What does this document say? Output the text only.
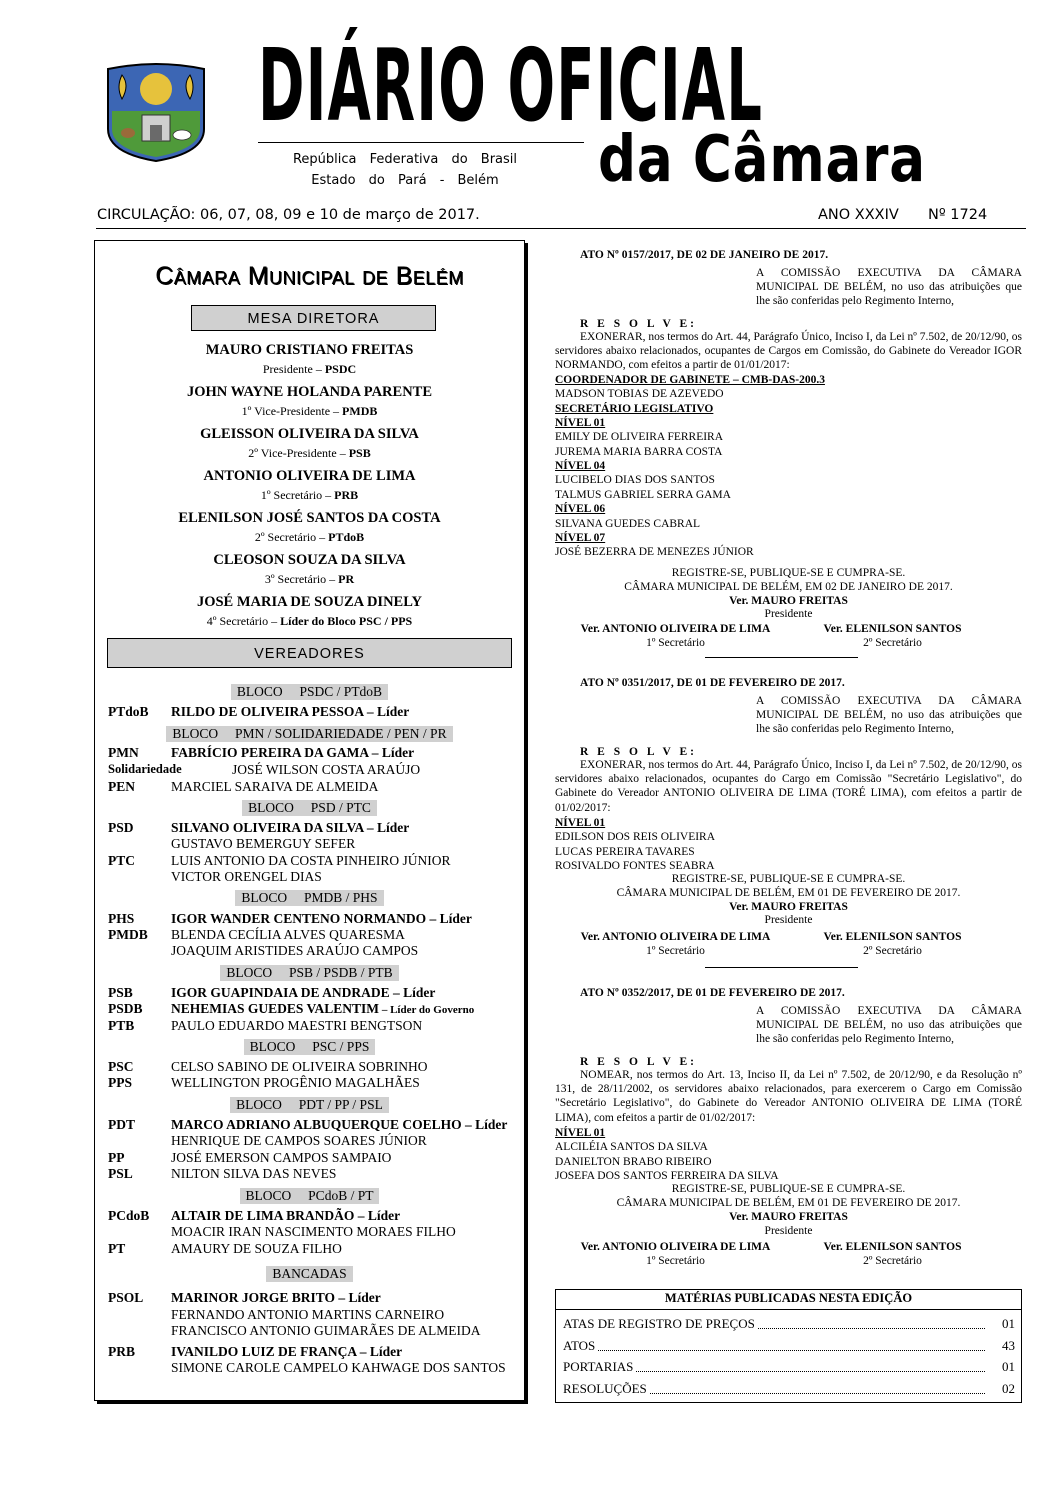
DIÁRIO OFICIAL
República Federativa do Brasil
Estado do Pará - Belém	da Câmara
CIRCULAÇÃO: 06, 07, 08, 09 e 10 de março de 2017.	ANO XXXIV Nº 1724
Câmara Municipal de Belém
MESA DIRETORA
MAURO CRISTIANO FREITAS
Presidente – PSDC
JOHN WAYNE HOLANDA PARENTE
1º Vice-Presidente – PMDB
GLEISSON OLIVEIRA DA SILVA
2º Vice-Presidente – PSB
ANTONIO OLIVEIRA DE LIMA
1º Secretário – PRB
ELENILSON JOSÉ SANTOS DA COSTA
2º Secretário – PTdoB
CLEOSON SOUZA DA SILVA
3º Secretário – PR
JOSÉ MARIA DE SOUZA DINELY
4º Secretário – Líder do Bloco PSC / PPS
VEREADORES
BLOCO     PSDC / PTdoB
BLOCO     PMN / SOLIDARIEDADE / PEN / PR
BLOCO     PSD / PTC
BLOCO     PMDB / PHS
BLOCO     PSB / PSDB / PTB
BLOCO     PSC / PPS
BLOCO     PDT / PP / PSL
BLOCO     PCdoB / PT
BANCADAS
PTdoB RILDO DE OLIVEIRA PESSOA – Líder
PMN FABRÍCIO PEREIRA DA GAMA – Líder
Solidariedade	JOSÉ WILSON COSTA ARAÚJO
PEN	MARCIEL SARAIVA DE ALMEIDA
PSD	SILVANO OLIVEIRA DA SILVA – Líder
GUSTAVO BEMERGUY SEFER
PTC	LUIS ANTONIO DA COSTA PINHEIRO JÚNIOR
VICTOR ORENGEL DIAS
PHS	IGOR WANDER CENTENO NORMANDO – Líder
PMDB BLENDA CECÍLIA ALVES QUARESMA
JOAQUIM ARISTIDES ARAÚJO CAMPOS
PSB	IGOR GUAPINDAIA DE ANDRADE – Líder
PSDB NEHEMIAS GUEDES VALENTIM – Líder do Governo
PTB	PAULO EDUARDO MAESTRI BENGTSON
PSC	CELSO SABINO DE OLIVEIRA SOBRINHO
PPS	WELLINGTON PROGÊNIO MAGALHÃES
PDT	MARCO ADRIANO ALBUQUERQUE COELHO – Líder
HENRIQUE DE CAMPOS SOARES JÚNIOR
PP	JOSÉ EMERSON CAMPOS SAMPAIO
PSL	NILTON SILVA DAS NEVES
PCdoB ALTAIR DE LIMA BRANDÃO – Líder
MOACIR IRAN NASCIMENTO MORAES FILHO
PT	AMAURY DE SOUZA FILHO
PSOL MARINOR JORGE BRITO – Líder
FERNANDO ANTONIO MARTINS CARNEIRO
FRANCISCO ANTONIO GUIMARÃES DE ALMEIDA
PRB	IVANILDO LUIZ DE FRANÇA – Líder
SIMONE CAROLE CAMPELO KAHWAGE DOS SANTOS
ATO Nº 0157/2017, DE 02 DE JANEIRO DE 2017.
A COMISSÃO EXECUTIVA DA CÂMARA MUNICIPAL DE BELÉM, no uso das atribuições que lhe são conferidas pelo Regimento Interno,
R E S O L V E:
EXONERAR, nos termos do Art. 44, Parágrafo Único, Inciso I, da Lei nº 7.502, de 20/12/90, os servidores abaixo relacionados, ocupantes de Cargos em Comissão, do Gabinete do Vereador IGOR NORMANDO, com efeitos a partir de 01/01/2017:
COORDENADOR DE GABINETE – CMB-DAS-200.3
MADSON TOBIAS DE AZEVEDO
SECRETÁRIO LEGISLATIVO
NÍVEL 01
EMILY DE OLIVEIRA FERREIRA
JUREMA MARIA BARRA COSTA
NÍVEL 04
LUCIBELO DIAS DOS SANTOS
TALMUS GABRIEL SERRA GAMA
NÍVEL 06
SILVANA GUEDES CABRAL
NÍVEL 07
JOSÉ BEZERRA DE MENEZES JÚNIOR
REGISTRE-SE, PUBLIQUE-SE E CUMPRA-SE.
CÂMARA MUNICIPAL DE BELÉM, EM 02 DE JANEIRO DE 2017.
Ver. MAURO FREITAS
Presidente
Ver. ANTONIO OLIVEIRA DE LIMA	Ver. ELENILSON SANTOS
1º Secretário	2º Secretário
ATO Nº 0351/2017, DE 01 DE FEVEREIRO DE 2017.
A COMISSÃO EXECUTIVA DA CÂMARA MUNICIPAL DE BELÉM, no uso das atribuições que lhe são conferidas pelo Regimento Interno,
R E S O L V E:
EXONERAR, nos termos do Art. 44, Parágrafo Único, Inciso I, da Lei nº 7.502, de 20/12/90, os servidores abaixo relacionados, ocupantes do Cargo em Comissão "Secretário Legislativo", do Gabinete do Vereador ANTONIO OLIVEIRA DE LIMA (TORÉ LIMA), com efeitos a partir de 01/02/2017:
NÍVEL 01
EDILSON DOS REIS OLIVEIRA
LUCAS PEREIRA TAVARES
ROSIVALDO FONTES SEABRA
REGISTRE-SE, PUBLIQUE-SE E CUMPRA-SE.
CÂMARA MUNICIPAL DE BELÉM, EM 01 DE FEVEREIRO DE 2017.
Ver. MAURO FREITAS
Presidente
Ver. ANTONIO OLIVEIRA DE LIMA	Ver. ELENILSON SANTOS
1º Secretário	2º Secretário
ATO Nº 0352/2017, DE 01 DE FEVEREIRO DE 2017.
A COMISSÃO EXECUTIVA DA CÂMARA MUNICIPAL DE BELÉM, no uso das atribuições que lhe são conferidas pelo Regimento Interno,
R E S O L V E:
NOMEAR, nos termos do Art. 13, Inciso II, da Lei nº 7.502, de 20/12/90, e da Resolução nº 131, de 28/11/2002, os servidores abaixo relacionados, para exercerem o Cargo em Comissão "Secretário Legislativo", do Gabinete do Vereador ANTONIO OLIVEIRA DE LIMA (TORÉ LIMA), com efeitos a partir de 01/02/2017:
NÍVEL 01
ALCILÉIA SANTOS DA SILVA
DANIELTON BRABO RIBEIRO
JOSEFA DOS SANTOS FERREIRA DA SILVA
REGISTRE-SE, PUBLIQUE-SE E CUMPRA-SE.
CÂMARA MUNICIPAL DE BELÉM, EM 01 DE FEVEREIRO DE 2017.
Ver. MAURO FREITAS
Presidente
Ver. ANTONIO OLIVEIRA DE LIMA	Ver. ELENILSON SANTOS
1º Secretário	2º Secretário
MATÉRIAS PUBLICADAS NESTA EDIÇÃO
ATAS DE REGISTRO DE PREÇOS	01
ATOS	43
PORTARIAS	01
RESOLUÇÕES	02
